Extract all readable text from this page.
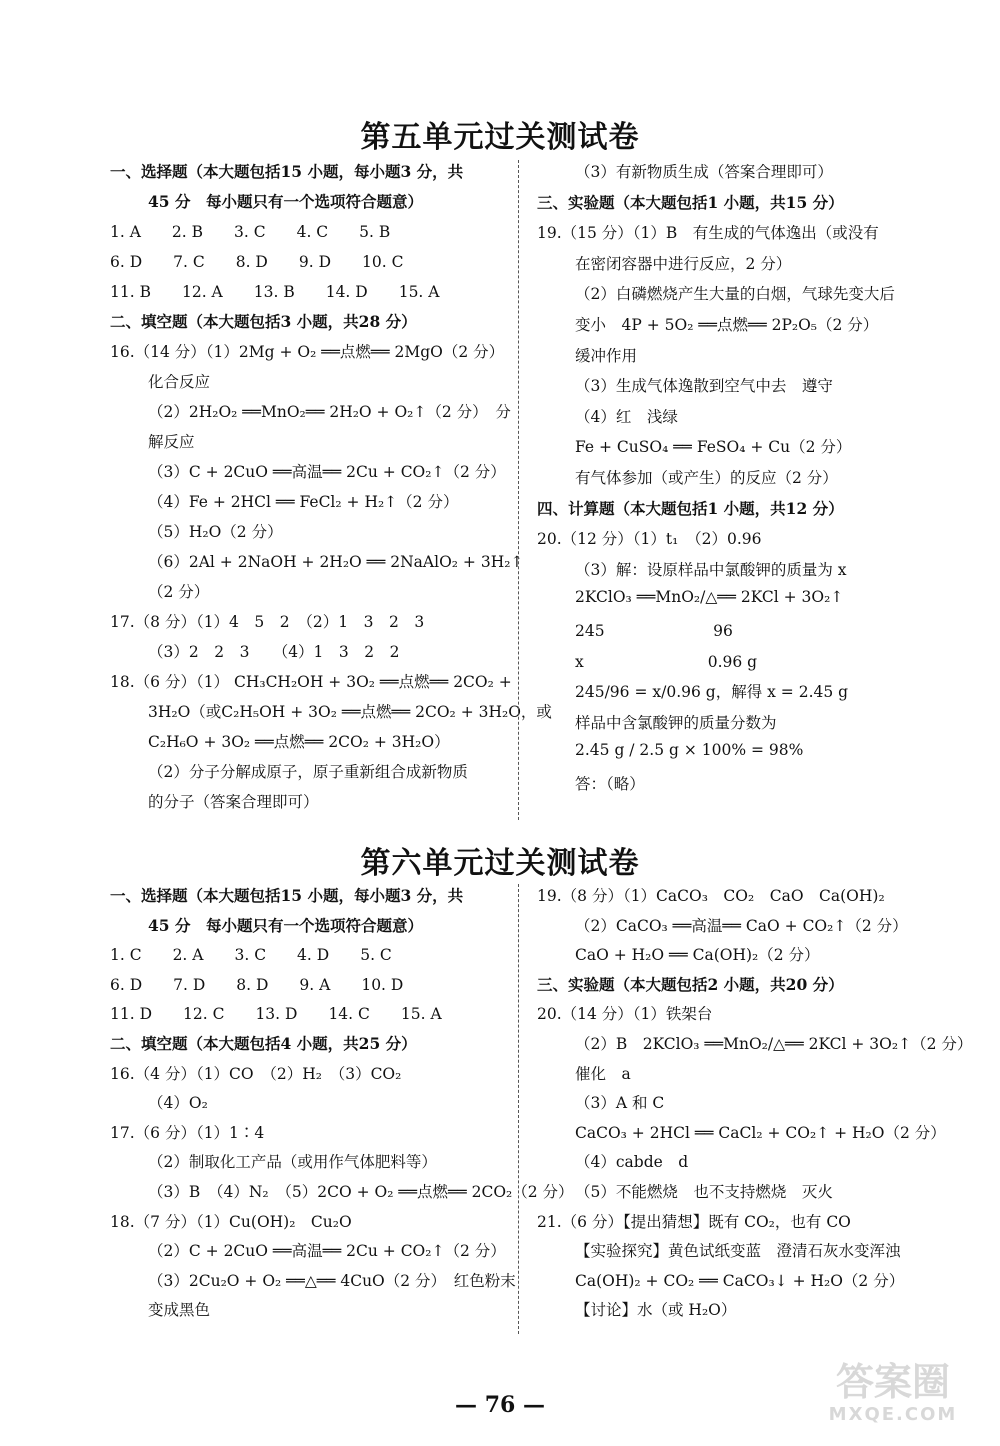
第五单元过关测试卷
一、选择题（本大题包括15 小题，每小题3 分，共
45 分　每小题只有一个选项符合题意）
1. A　　2. B　　3. C　　4. C　　5. B
6. D　　7. C　　8. D　　9. D　　10. C
11. B　　12. A　　13. B　　14. D　　15. A
二、填空题（本大题包括3 小题，共28 分）
16.（14 分）（1）2Mg + O₂ ══点燃══ 2MgO（2 分）
化合反应
（2）2H₂O₂ ══MnO₂══ 2H₂O + O₂↑（2 分）　分
解反应
（3）C + 2CuO ══高温══ 2Cu + CO₂↑（2 分）
（4）Fe + 2HCl ══ FeCl₂ + H₂↑（2 分）
（5）H₂O（2 分）
（6）2Al + 2NaOH + 2H₂O ══ 2NaAlO₂ + 3H₂↑
（2 分）
17.（8 分）（1）4　5　2　（2）1　3　2　3
（3）2　2　3　　（4）1　3　2　2
18.（6 分）（1） CH₃CH₂OH + 3O₂ ══点燃══ 2CO₂ +
3H₂O（或C₂H₅OH + 3O₂ ══点燃══ 2CO₂ + 3H₂O，或
C₂H₆O + 3O₂ ══点燃══ 2CO₂ + 3H₂O）
（2）分子分解成原子，原子重新组合成新物质
的分子（答案合理即可）
（3）有新物质生成（答案合理即可）
三、实验题（本大题包括1 小题，共15 分）
19.（15 分）（1）B　有生成的气体逸出（或没有
在密闭容器中进行反应，2 分）
（2）白磷燃烧产生大量的白烟，气球先变大后
变小　4P + 5O₂ ══点燃══ 2P₂O₅（2 分）
缓冲作用
（3）生成气体逸散到空气中去　遵守
（4）红　浅绿
Fe + CuSO₄ ══ FeSO₄ + Cu（2 分）
有气体参加（或产生）的反应（2 分）
四、计算题（本大题包括1 小题，共12 分）
20.（12 分）（1）t₁　（2）0.96
（3）解：设原样品中氯酸钾的质量为 x
2KClO₃ ══MnO₂/△══ 2KCl + 3O₂↑
245　　　　　　　96
x　　　　　　　　0.96 g
245/96 = x/0.96 g，解得 x = 2.45 g
样品中含氯酸钾的质量分数为
2.45 g / 2.5 g × 100% = 98%
答：（略）
第六单元过关测试卷
一、选择题（本大题包括15 小题，每小题3 分，共
45 分　每小题只有一个选项符合题意）
1. C　　2. A　　3. C　　4. D　　5. C
6. D　　7. D　　8. D　　9. A　　10. D
11. D　　12. C　　13. D　　14. C　　15. A
二、填空题（本大题包括4 小题，共25 分）
16.（4 分）（1）CO　（2）H₂　（3）CO₂
（4）O₂
17.（6 分）（1）1∶4
（2）制取化工产品（或用作气体肥料等）
（3）B　（4）N₂　（5）2CO + O₂ ══点燃══ 2CO₂（2 分）
18.（7 分）（1）Cu(OH)₂　Cu₂O
（2）C + 2CuO ══高温══ 2Cu + CO₂↑（2 分）
（3）2Cu₂O + O₂ ══△══ 4CuO（2 分）　红色粉末
变成黑色
19.（8 分）（1）CaCO₃　CO₂　CaO　Ca(OH)₂
（2）CaCO₃ ══高温══ CaO + CO₂↑（2 分）
CaO + H₂O ══ Ca(OH)₂（2 分）
三、实验题（本大题包括2 小题，共20 分）
20.（14 分）（1）铁架台
（2）B　2KClO₃ ══MnO₂/△══ 2KCl + 3O₂↑（2 分）
催化　a
（3）A 和 C
CaCO₃ + 2HCl ══ CaCl₂ + CO₂↑ + H₂O（2 分）
（4）cabde　d
（5）不能燃烧　也不支持燃烧　灭火
21.（6 分）【提出猜想】既有 CO₂，也有 CO
【实验探究】黄色试纸变蓝　澄清石灰水变浑浊
Ca(OH)₂ + CO₂ ══ CaCO₃↓ + H₂O（2 分）
【讨论】水（或 H₂O）
— 76 —
答案圈
MXQE.COM
